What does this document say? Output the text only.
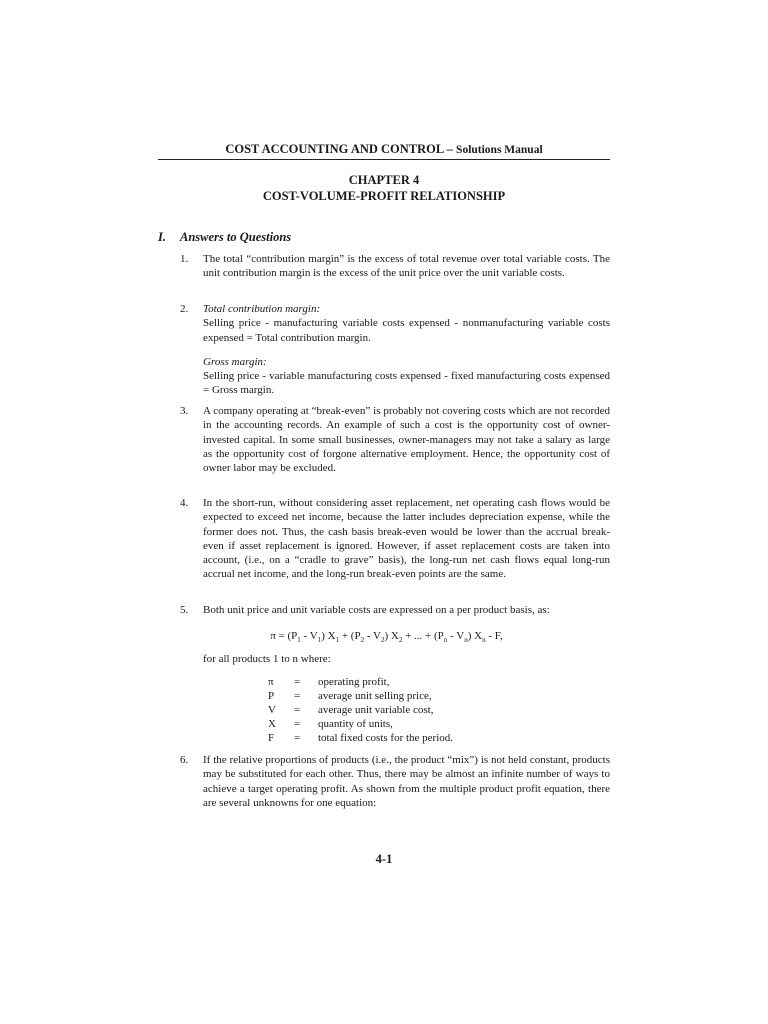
COST ACCOUNTING AND CONTROL – Solutions Manual
CHAPTER 4
COST-VOLUME-PROFIT RELATIONSHIP
I. Answers to Questions
1. The total “contribution margin” is the excess of total revenue over total variable costs. The unit contribution margin is the excess of the unit price over the unit variable costs.
2. Total contribution margin:
Selling price - manufacturing variable costs expensed - nonmanufacturing variable costs expensed = Total contribution margin.
Gross margin:
Selling price - variable manufacturing costs expensed - fixed manufacturing costs expensed = Gross margin.
3. A company operating at “break-even” is probably not covering costs which are not recorded in the accounting records. An example of such a cost is the opportunity cost of owner-invested capital. In some small businesses, owner-managers may not take a salary as large as the opportunity cost of forgone alternative employment. Hence, the opportunity cost of owner labor may be excluded.
4. In the short-run, without considering asset replacement, net operating cash flows would be expected to exceed net income, because the latter includes depreciation expense, while the former does not. Thus, the cash basis break-even would be lower than the accrual break-even if asset replacement is ignored. However, if asset replacement costs are taken into account, (i.e., on a “cradle to grave” basis), the long-run net cash flows equal long-run accrual net income, and the long-run break-even points are the same.
5. Both unit price and unit variable costs are expressed on a per product basis, as:
$\pi = (P_1 - V_1) X_1 + (P_2 - V_2) X_2$ + ... + $(P_n - V_n)$ $X_n$ - F,
for all products 1 to n where:
π	=	operating profit,
P	=	average unit selling price,
V	=	average unit variable cost,
X	=	quantity of units,
F	=	total fixed costs for the period.
6. If the relative proportions of products (i.e., the product “mix”) is not held constant, products may be substituted for each other. Thus, there may be almost an infinite number of ways to achieve a target operating profit. As shown from the multiple product profit equation, there are several unknowns for one equation:
4-1
